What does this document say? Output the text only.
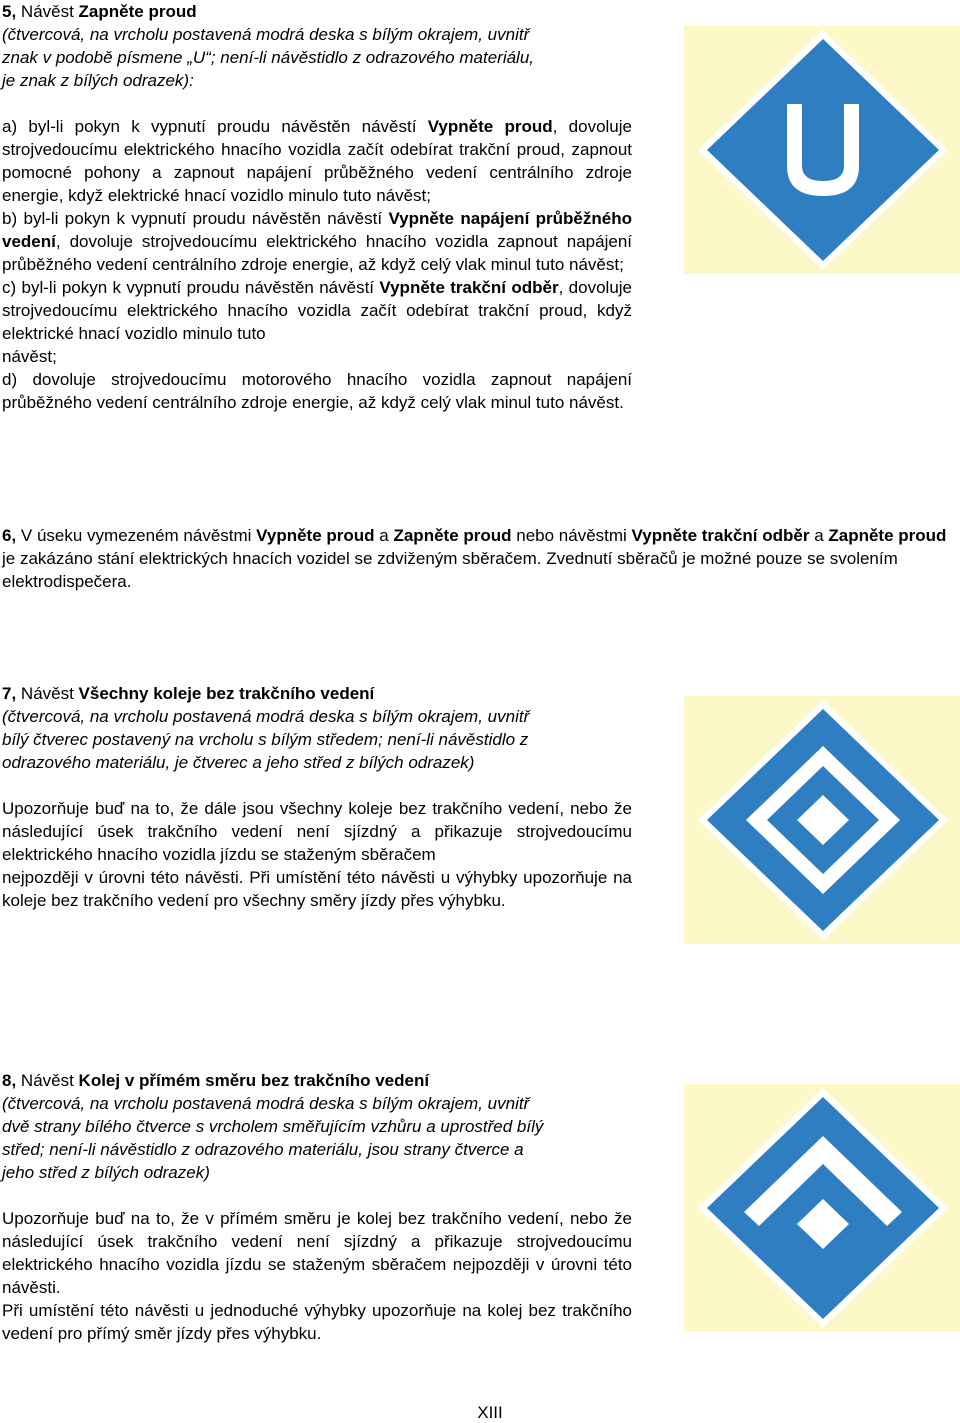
5, Návěst Zapněte proud

(čtvercová, na vrcholu postavená modrá deska s bílým okrajem, uvnitř
znak v podobě písmene „U“; není-li návěstidlo z odrazového materiálu,
je znak z bílých odrazek):

a) byl-li pokyn k vypnutí proudu návěstěn návěstí Vypněte proud, dovoluje strojvedoucímu elektrického hnacího vozidla začít odebírat trakční proud, zapnout pomocné pohony a zapnout napájení průběžného vedení centrálního zdroje energie, když elektrické hnací vozidlo minulo tuto návěst;

b) byl-li pokyn k vypnutí proudu návěstěn návěstí Vypněte napájení průběžného vedení, dovoluje strojvedoucímu elektrického hnacího vozidla zapnout napájení průběžného vedení centrálního zdroje energie, až když celý vlak minul tuto návěst;

c) byl-li pokyn k vypnutí proudu návěstěn návěstí Vypněte trakční odběr, dovoluje strojvedoucímu elektrického hnacího vozidla začít odebírat trakční proud, když elektrické hnací vozidlo minulo tuto
návěst;

d) dovoluje strojvedoucímu motorového hnacího vozidla zapnout napájení průběžného vedení centrálního zdroje energie, až když celý vlak minul tuto návěst.

6, V úseku vymezeném návěstmi Vypněte proud a Zapněte proud nebo návěstmi Vypněte trakční odběr a Zapněte proud je zakázáno stání elektrických hnacích vozidel se zdviženým sběračem. Zvednutí sběračů je možné pouze se svolením elektrodispečera.

7, Návěst Všechny koleje bez trakčního vedení

(čtvercová, na vrcholu postavená modrá deska s bílým okrajem, uvnitř
bílý čtverec postavený na vrcholu s bílým středem; není-li návěstidlo z
odrazového materiálu, je čtverec a jeho střed z bílých odrazek)

Upozorňuje buď na to, že dále jsou všechny koleje bez trakčního vedení, nebo že následující úsek trakčního vedení není sjízdný a přikazuje strojvedoucímu elektrického hnacího vozidla jízdu se staženým sběračem

nejpozději v úrovni této návěsti. Při umístění této návěsti u výhybky upozorňuje na koleje bez trakčního vedení pro všechny směry jízdy přes výhybku.

8, Návěst Kolej v přímém směru bez trakčního vedení

(čtvercová, na vrcholu postavená modrá deska s bílým okrajem, uvnitř
dvě strany bílého čtverce s vrcholem směřujícím vzhůru a uprostřed bílý
střed; není-li návěstidlo z odrazového materiálu, jsou strany čtverce a
jeho střed z bílých odrazek)

Upozorňuje buď na to, že v přímém směru je kolej bez trakčního vedení, nebo že následující úsek trakčního vedení není sjízdný a přikazuje strojvedoucímu elektrického hnacího vozidla jízdu se staženým sběračem nejpozději v úrovni této návěsti.

Při umístění této návěsti u jednoduché výhybky upozorňuje na kolej bez trakčního vedení pro přímý směr jízdy přes výhybku.

XIII
